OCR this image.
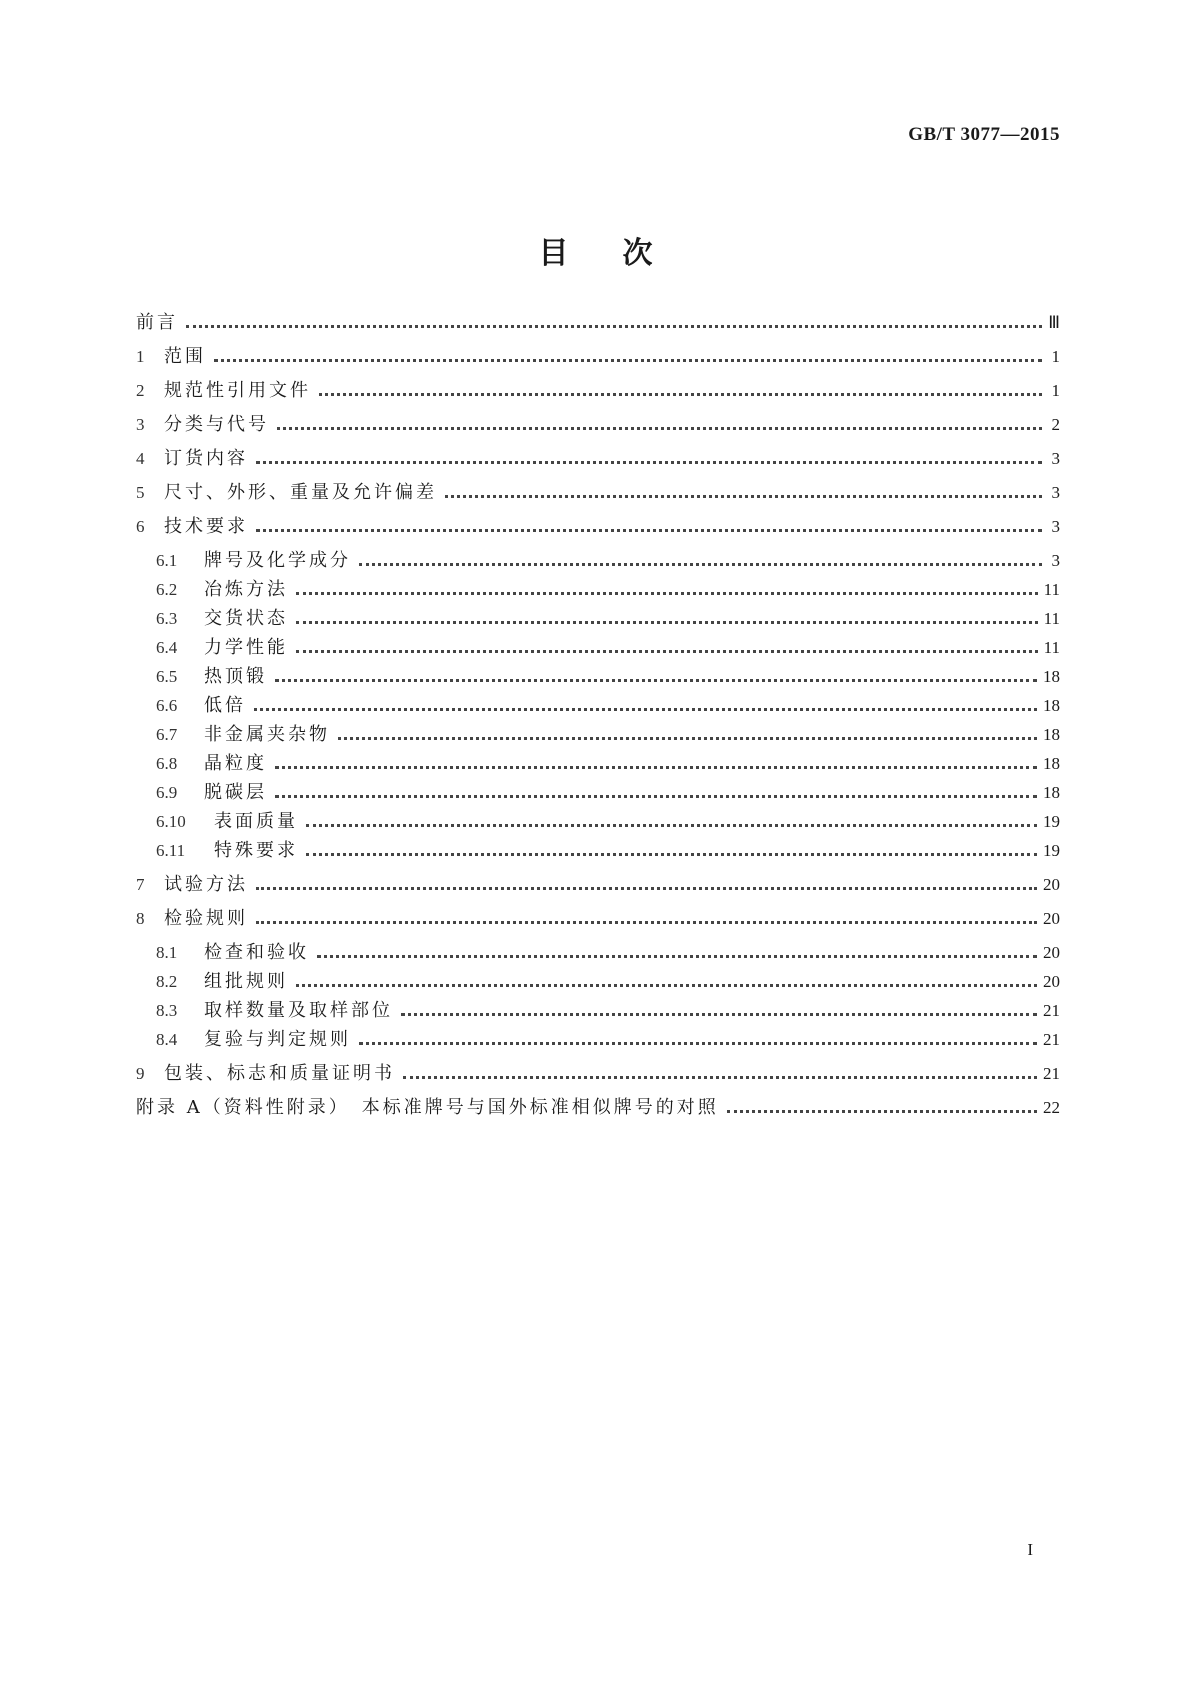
GB/T 3077—2015
目次
前言	Ⅲ
1	范围	1
2	规范性引用文件	1
3	分类与代号	2
4	订货内容	3
5	尺寸、外形、重量及允许偏差	3
6	技术要求	3
6.1	牌号及化学成分	3
6.2	冶炼方法	11
6.3	交货状态	11
6.4	力学性能	11
6.5	热顶锻	18
6.6	低倍	18
6.7	非金属夹杂物	18
6.8	晶粒度	18
6.9	脱碳层	18
6.10	表面质量	19
6.11	特殊要求	19
7	试验方法	20
8	检验规则	20
8.1	检查和验收	20
8.2	组批规则	20
8.3	取样数量及取样部位	21
8.4	复验与判定规则	21
9	包装、标志和质量证明书	21
附录 A（资料性附录）　本标准牌号与国外标准相似牌号的对照	22
I
